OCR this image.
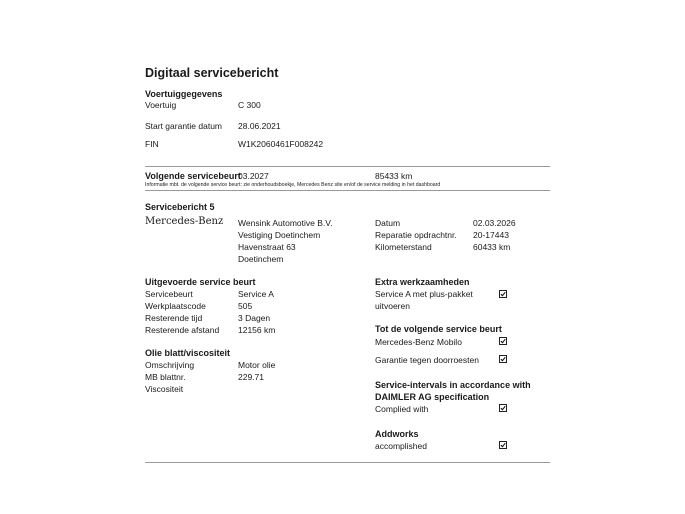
Digitaal servicebericht
Voertuiggegevens
Voertuig	C 300
Start garantie datum 28.06.2021
FIN	W1K2060461F008242
Volgende servicebeurt
03.2027	85433 km
Informatie mbt. de volgende service beurt: zie onderhoudsboekje, Mercedes Benz site en/of de service melding in het dashboard
Servicebericht 5
Mercedes-Benz Wensink Automotive B.V.
Vestiging Doetinchem
Havenstraat 63
Doetinchem
Datum	02.03.2026
Reparatie opdrachtnr. 20-17443
Kilometerstand	60433 km
Uitgevoerde service beurt
Servicebeurt	Service A
Werkplaatscode	505
Resterende tijd	3 Dagen
Resterende afstand 12156 km
Olie blatt/viscositeit
Omschrijving	Motor olie
MB blattnr.	229.71
Viscositeit
Extra werkzaamheden
Service A met plus-pakket
uitvoeren
Tot de volgende service beurt
Mercedes-Benz Mobilo
Garantie tegen doorroesten
Service-intervals in accordance with
DAIMLER AG specification
Complied with
Addworks
accomplished
